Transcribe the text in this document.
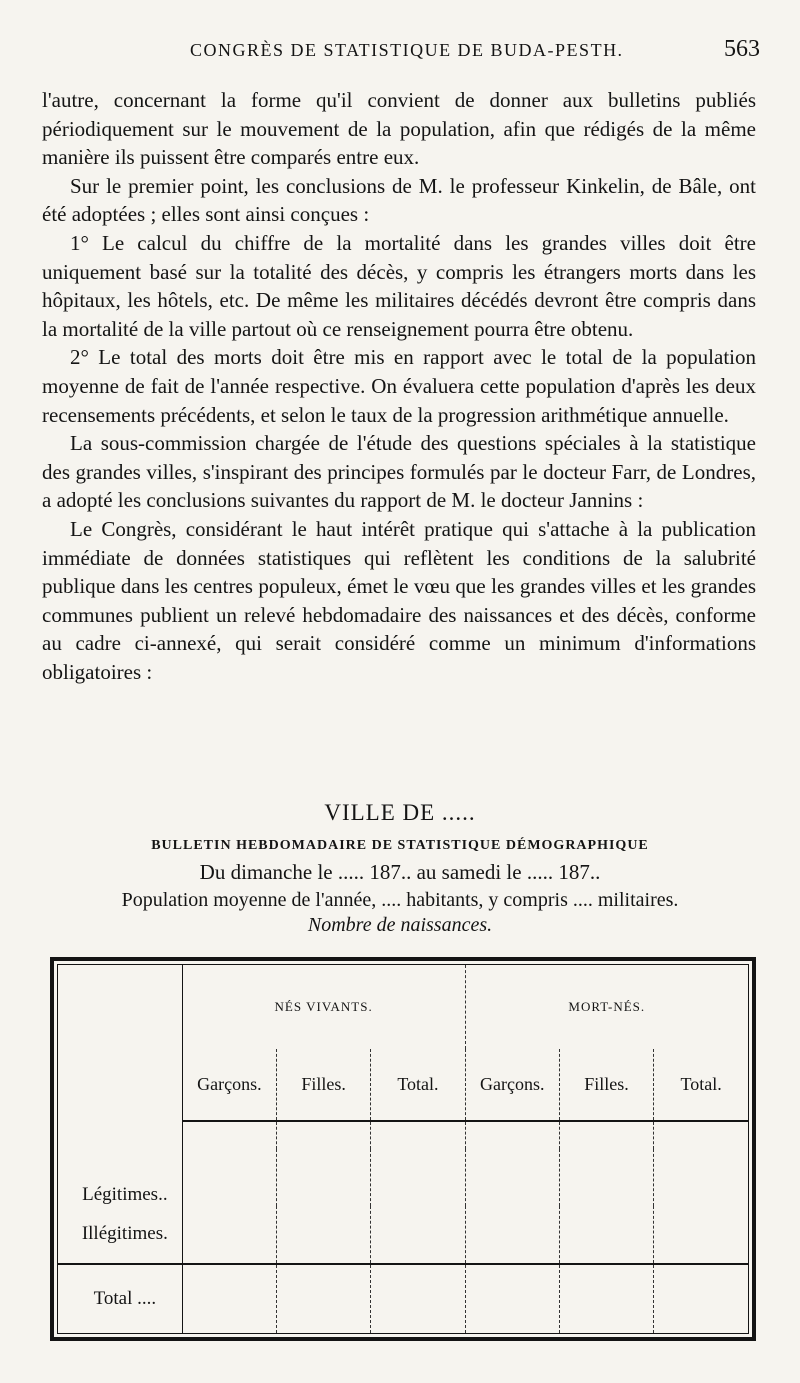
CONGRÈS DE STATISTIQUE DE BUDA-PESTH.	563

l'autre, concernant la forme qu'il convient de donner aux bulletins publiés périodiquement sur le mouvement de la population, afin que rédigés de la même manière ils puissent être comparés entre eux.

Sur le premier point, les conclusions de M. le professeur Kinkelin, de Bâle, ont été adoptées ; elles sont ainsi conçues :

1° Le calcul du chiffre de la mortalité dans les grandes villes doit être uniquement basé sur la totalité des décès, y compris les étrangers morts dans les hôpitaux, les hôtels, etc. De même les militaires décédés devront être compris dans la mortalité de la ville partout où ce renseignement pourra être obtenu.

2° Le total des morts doit être mis en rapport avec le total de la population moyenne de fait de l'année respective. On évaluera cette population d'après les deux recensements précédents, et selon le taux de la progression arithmétique annuelle.

La sous-commission chargée de l'étude des questions spéciales à la statistique des grandes villes, s'inspirant des principes formulés par le docteur Farr, de Londres, a adopté les conclusions suivantes du rapport de M. le docteur Jannins :

Le Congrès, considérant le haut intérêt pratique qui s'attache à la publication immédiate de données statistiques qui reflètent les conditions de la salubrité publique dans les centres populeux, émet le vœu que les grandes villes et les grandes communes publient un relevé hebdomadaire des naissances et des décès, conforme au cadre ci-annexé, qui serait considéré comme un minimum d'informations obligatoires :

VILLE DE .....
BULLETIN HEBDOMADAIRE DE STATISTIQUE DÉMOGRAPHIQUE
Du dimanche le ..... 187.. au samedi le ..... 187..
Population moyenne de l'année, .... habitants, y compris .... militaires.
Nombre de naissances.
	NÉS VIVANTS.			MORT-NÉS.		
	Garçons.	Filles.	Total.	Garçons.	Filles.	Total.

Légitimes..						
Illégitimes.						
Total ....						
